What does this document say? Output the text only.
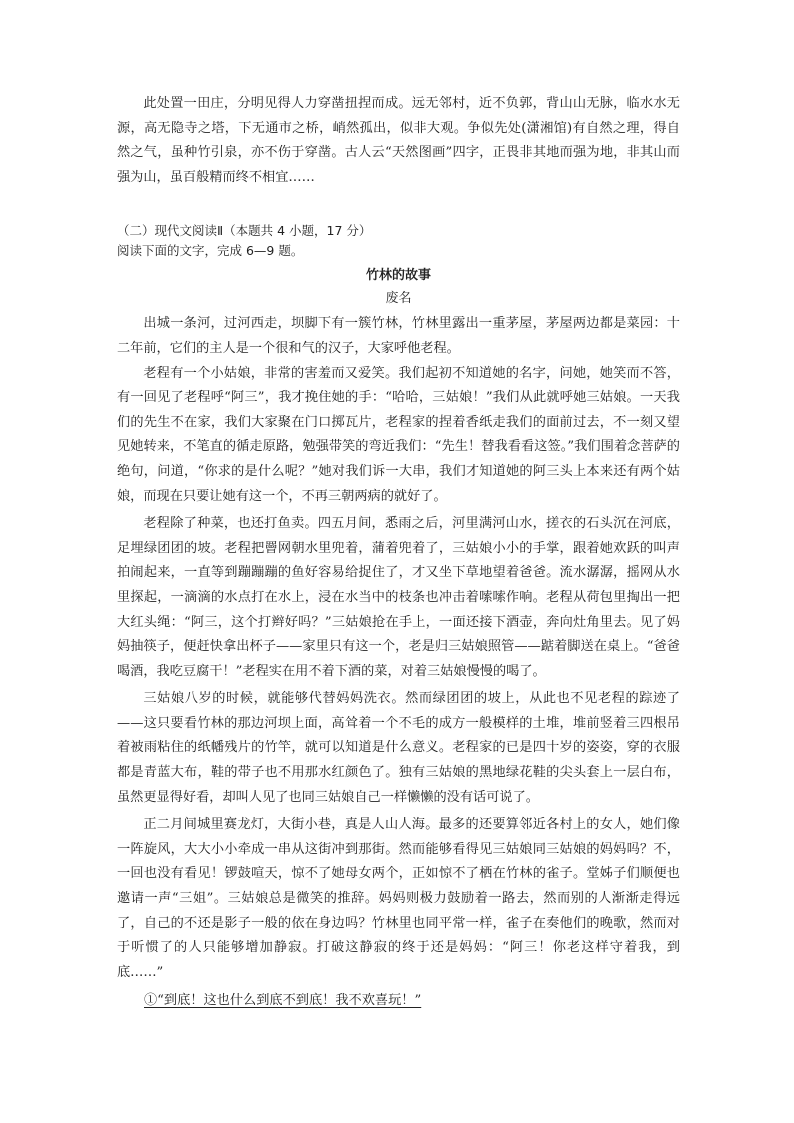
此处置一田庄，分明见得人力穿凿扭捏而成。远无邻村，近不负郭，背山山无脉，临水水无源，高无隐寺之塔，下无通市之桥，峭然孤出，似非大观。争似先处(潇湘馆)有自然之理，得自然之气，虽种竹引泉，亦不伤于穿凿。古人云“天然图画”四字，正畏非其地而强为地，非其山而强为山，虽百般精而终不相宜……

（二）现代文阅读Ⅱ（本题共 4 小题，17 分）

阅读下面的文字，完成 6—9 题。

竹林的故事

废名

出城一条河，过河西走，坝脚下有一簇竹林，竹林里露出一重茅屋，茅屋两边都是菜园：十二年前，它们的主人是一个很和气的汉子，大家呼他老程。

老程有一个小姑娘，非常的害羞而又爱笑。我们起初不知道她的名字，问她，她笑而不答，有一回见了老程呼“阿三”，我才挽住她的手：“哈哈，三姑娘！”我们从此就呼她三姑娘。一天我们的先生不在家，我们大家聚在门口掷瓦片，老程家的捏着香纸走我们的面前过去，不一刻又望见她转来，不笔直的循走原路，勉强带笑的弯近我们：“先生！替我看看这签。”我们围着念菩萨的绝句，问道，“你求的是什么呢？”她对我们诉一大串，我们才知道她的阿三头上本来还有两个姑娘，而现在只要让她有这一个，不再三朝两病的就好了。

老程除了种菜，也还打鱼卖。四五月间，悉雨之后，河里满河山水，搓衣的石头沉在河底，足埋绿团团的坡。老程把罾网朝水里兜着，蒲着兜着了，三姑娘小小的手掌，跟着她欢跃的叫声拍闹起来，一直等到蹦蹦蹦的鱼好容易给捉住了，才又坐下草地望着爸爸。流水潺潺，摇网从水里探起，一滴滴的水点打在水上，浸在水当中的枝条也冲击着嗦嗦作响。老程从荷包里掏出一把大红头绳：“阿三，这个打辫好吗？”三姑娘抢在手上，一面还接下酒壶，奔向灶角里去。见了妈妈抽筷子，便赶快拿出杯子——家里只有这一个，老是归三姑娘照管——踮着脚送在桌上。“爸爸喝酒，我吃豆腐干！”老程实在用不着下酒的菜，对着三姑娘慢慢的喝了。

三姑娘八岁的时候，就能够代替妈妈洗衣。然而绿团团的坡上，从此也不见老程的踪迹了——这只要看竹林的那边河坝上面，高耸着一个不毛的成方一般模样的土堆，堆前竖着三四根吊着被雨粘住的纸幡残片的竹竿，就可以知道是什么意义。老程家的已是四十岁的姿姿，穿的衣服都是青蓝大布，鞋的带子也不用那水红颜色了。独有三姑娘的黑地绿花鞋的尖头套上一层白布，虽然更显得好看，却叫人见了也同三姑娘自己一样懒懒的没有话可说了。

正二月间城里赛龙灯，大街小巷，真是人山人海。最多的还要算邻近各村上的女人，她们像一阵旋风，大大小小牵成一串从这街冲到那街。然而能够看得见三姑娘同三姑娘的妈妈吗？不，一回也没有看见！锣鼓喧天，惊不了她母女两个，正如惊不了栖在竹林的雀子。堂姊子们顺便也邀请一声“三姐”。三姑娘总是微笑的推辞。妈妈则极力鼓励着一路去，然而别的人渐渐走得远了，自己的不还是影子一般的依在身边吗？竹林里也同平常一样，雀子在奏他们的晚歌，然而对于听惯了的人只能够增加静寂。打破这静寂的终于还是妈妈：“阿三！你老这样守着我，到底……”

①“到底！这也什么到底不到底！我不欢喜玩！”
